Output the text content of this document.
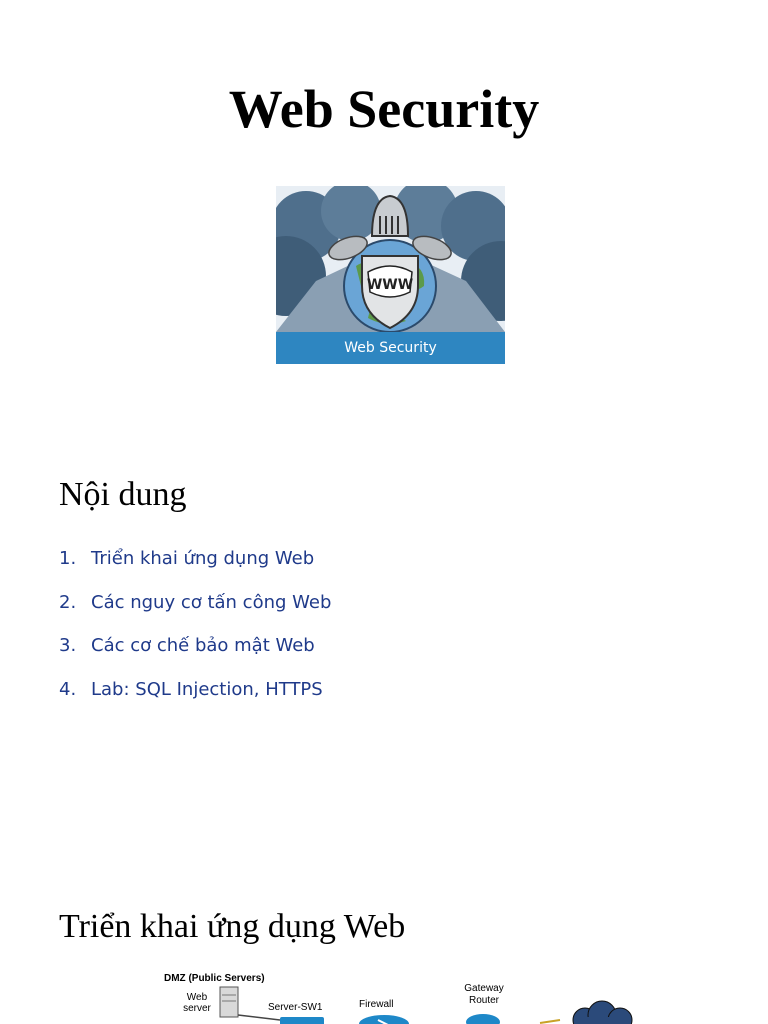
Web Security
WWW
Web Security
Nội dung
1. Triển khai ứng dụng Web
2. Các nguy cơ tấn công Web
3. Các cơ chế bảo mật Web
4. Lab: SQL Injection, HTTPS
Triển khai ứng dụng Web
DMZ (Public Servers)
Web server	Server-SW1	Firewall
Gateway Router
